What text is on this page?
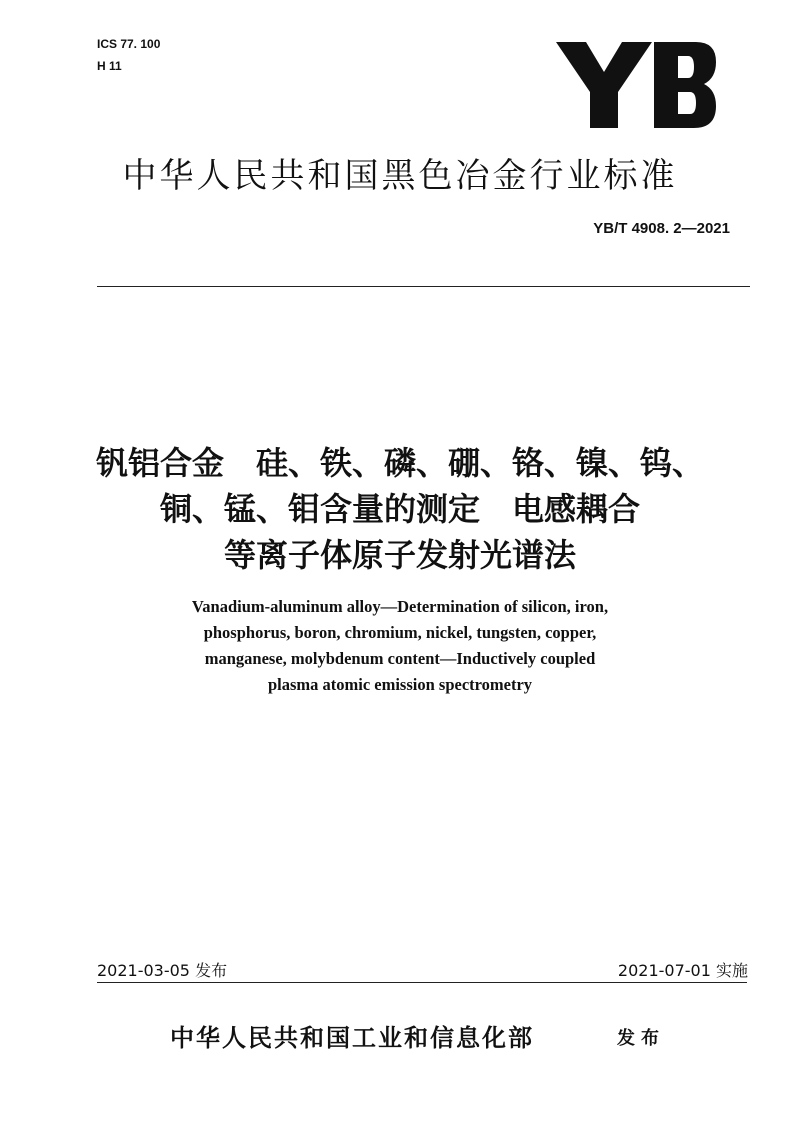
ICS 77. 100
H 11
中华人民共和国黑色冶金行业标准
YB/T 4908. 2—2021
钒铝合金　硅、铁、磷、硼、铬、镍、钨、
铜、锰、钼含量的测定　电感耦合
等离子体原子发射光谱法
Vanadium-aluminum alloy—Determination of silicon, iron,
phosphorus, boron, chromium, nickel, tungsten, copper,
manganese, molybdenum content—Inductively coupled
plasma atomic emission spectrometry
2021-03-05 发布	2021-07-01 实施
中华人民共和国工业和信息化部	发布
